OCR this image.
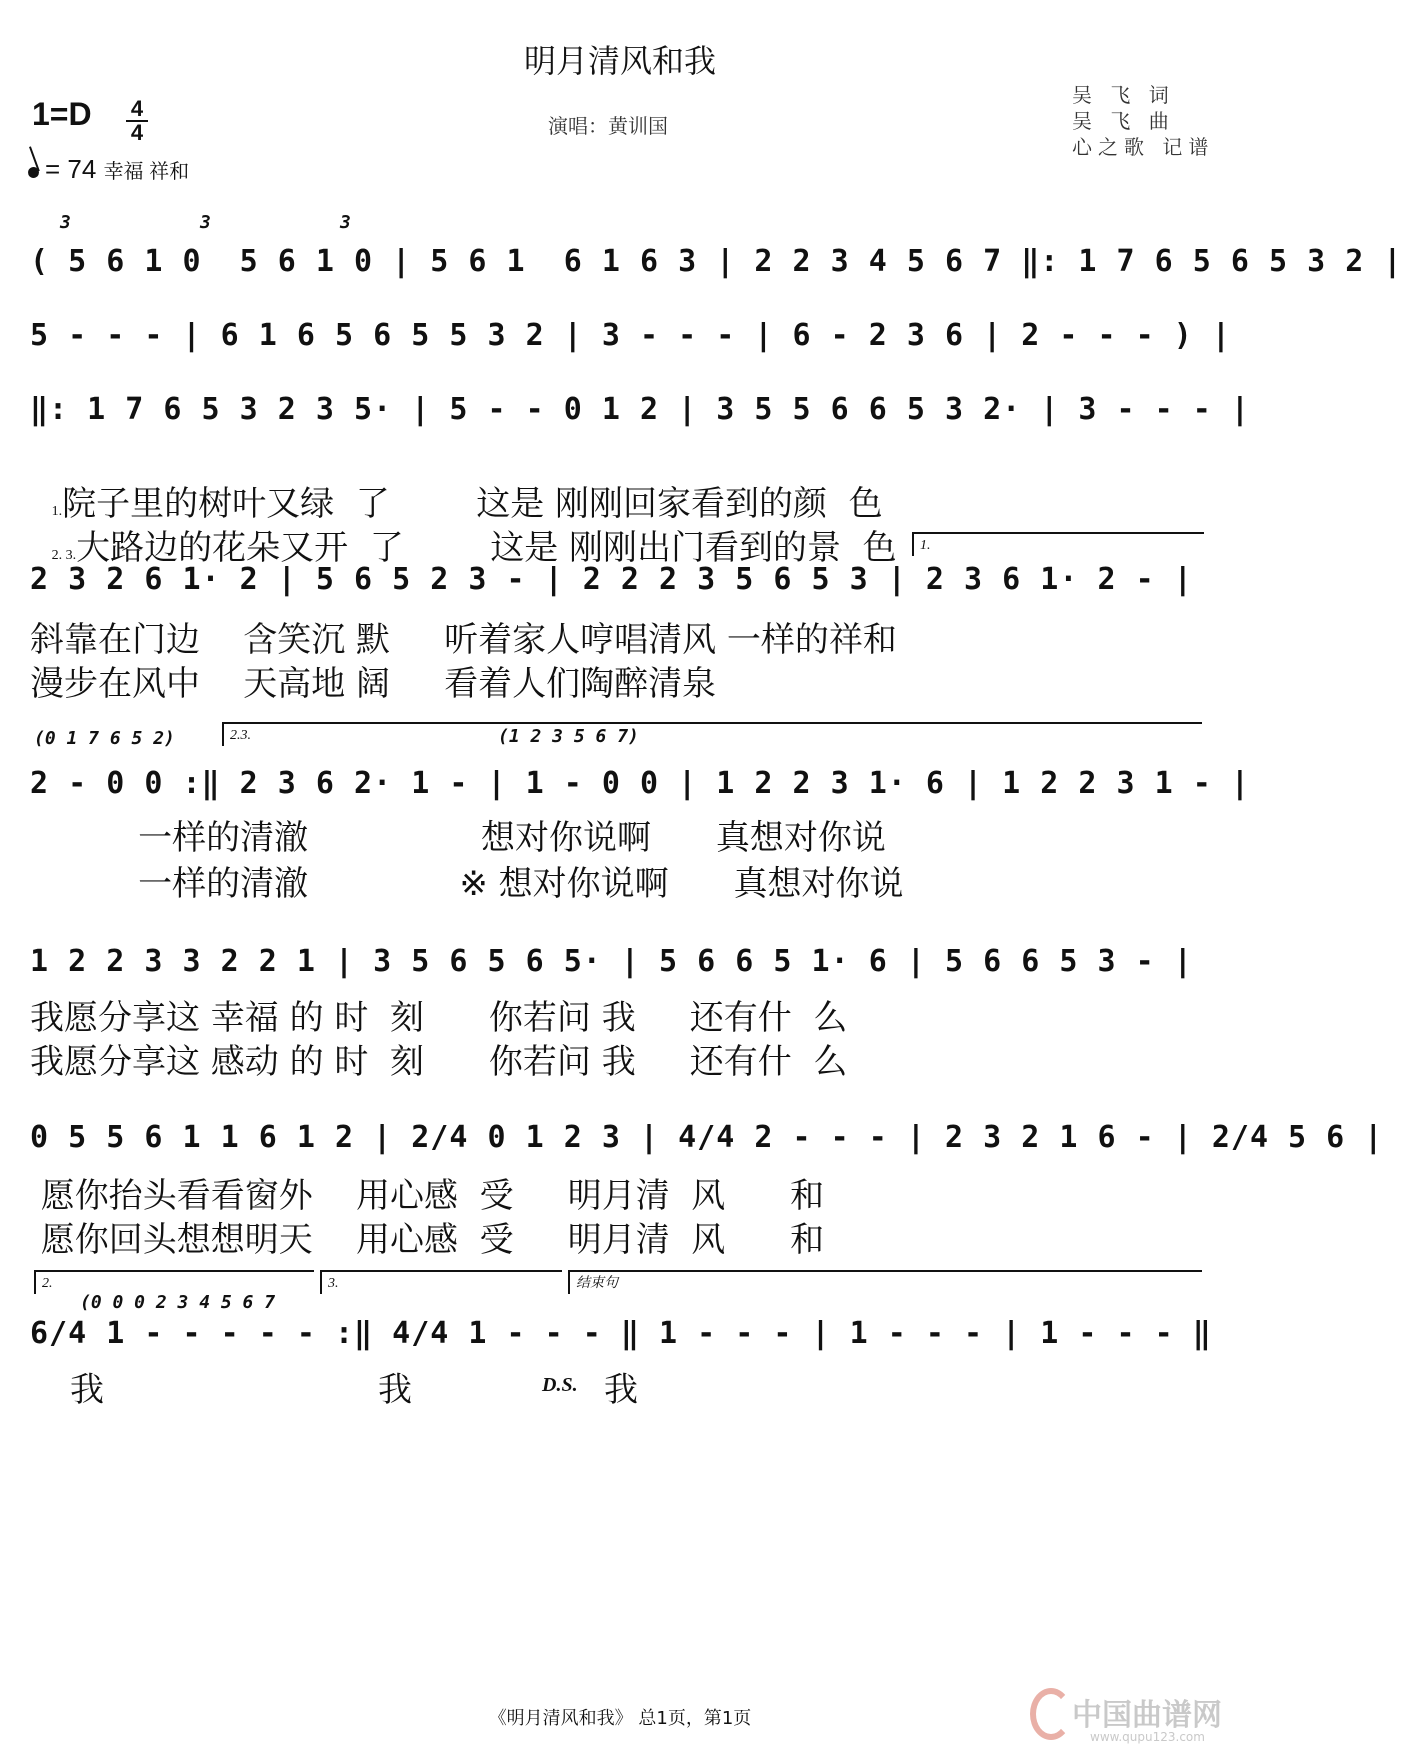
明月清风和我
$1=D \frac{4}{4}$
= 74 幸福 祥和
演唱：黄训国
吴 飞 词
吴 飞 曲
心之歌 记谱
3	3	3
( 5 6 1 0  5 6 1 0 | 5 6 1  6 1 6 3 | 2 2 3 4 5 6 7 ‖: 1 7 6 5 6 5 3 2 |
5 - - - | 6 1 6 5 6 5 5 3 2 | 3 - - - | 6 - 2 3 6 | 2 - - - ) |
‖: 1 7 6 5 3 2 3 5· | 5 - - 0 1 2 | 3 5 5 6 6 5 3 2· | 3 - - - |

1.院子里的树叶又绿  了        这是 刚刚回家看到的颜  色

2. 3.大路边的花朵又开  了        这是 刚刚出门看到的景  色	1.
2 3 2 6 1· 2 | 5 6 5 2 3 - | 2 2 2 3 5 6 5 3 | 2 3 6 1· 2 - |
斜靠在门边    含笑沉 默     听着家人哼唱清风 一样的祥和
漫步在风中    天高地 阔     看着人们陶醉清泉
(0 1 7 6 5 2)	(1 2 3 5 6 7)
2.3.
2 - 0 0 :‖ 2 3 6 2· 1 - | 1 - 0 0 | 1 2 2 3 1· 6 | 1 2 2 3 1 - |
一样的清澈                想对你说啊      真想对你说
一样的清澈              ※ 想对你说啊      真想对你说
1 2 2 3 3 2 2 1 | 3 5 6 5 6 5· | 5 6 6 5 1· 6 | 5 6 6 5 3 - |
我愿分享这 幸福 的 时  刻      你若问 我     还有什  么
我愿分享这 感动 的 时  刻      你若问 我     还有什  么
0 5 5 6 1 1 6 1 2 | 2/4 0 1 2 3 | 4/4 2 - - - | 2 3 2 1 6 - | 2/4 5 6 |
愿你抬头看看窗外    用心感  受     明月清  风      和
愿你回头想想明天    用心感  受     明月清  风      和
2.	3.	结束句
(0 0 0 2 3 4 5 6 7
6/4 1 - - - - - :‖ 4/4 1 - - - ‖ 1 - - - | 1 - - - | 1 - - - ‖
我	我	D.S. 我
《明月清风和我》 总1页，第1页	中国曲谱网
www.qupu123.com
